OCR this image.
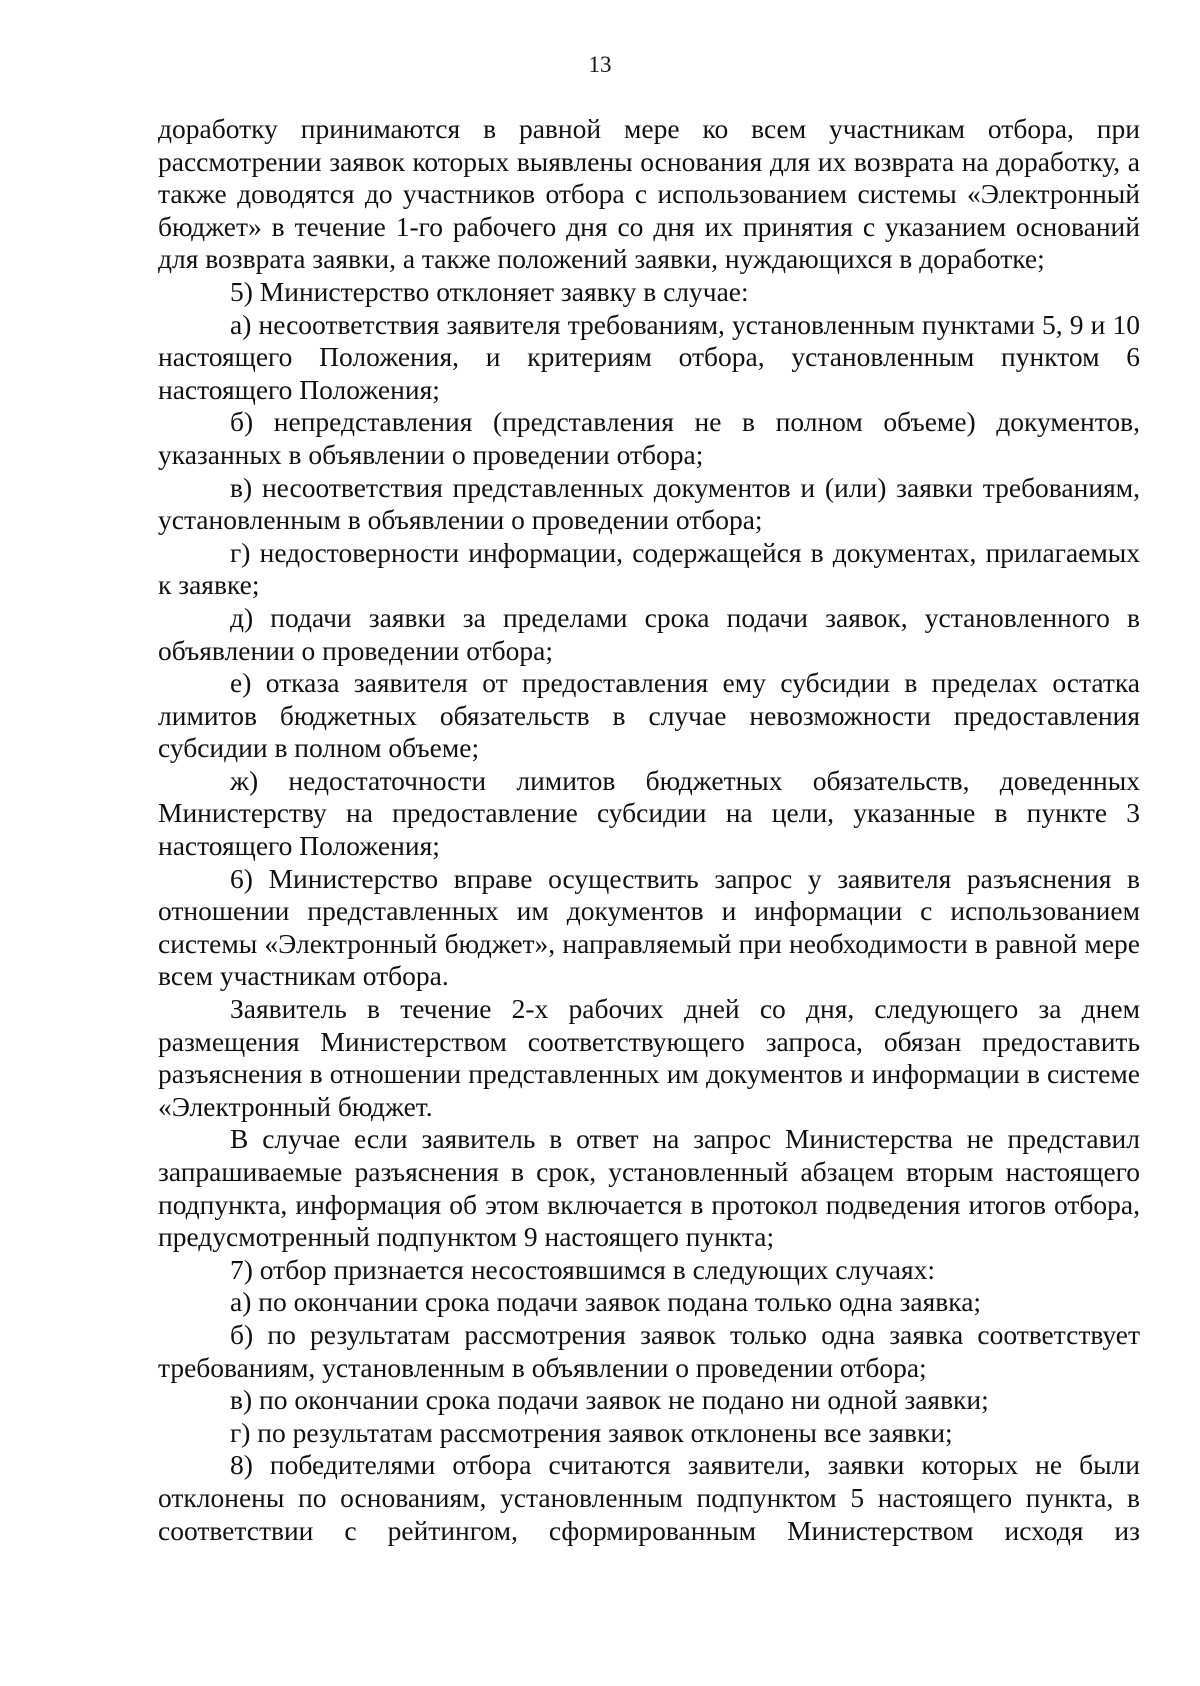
13

доработку принимаются в равной мере ко всем участникам отбора, при рассмотрении заявок которых выявлены основания для их возврата на доработку, а также доводятся до участников отбора с использованием системы «Электронный бюджет» в течение 1-го рабочего дня со дня их принятия с указанием оснований для возврата заявки, а также положений заявки, нуждающихся в доработке;

5) Министерство отклоняет заявку в случае:

а) несоответствия заявителя требованиям, установленным пунктами 5, 9 и 10 настоящего Положения, и критериям отбора, установленным пунктом 6 настоящего Положения;

б) непредставления (представления не в полном объеме) документов, указанных в объявлении о проведении отбора;

в) несоответствия представленных документов и (или) заявки требованиям, установленным в объявлении о проведении отбора;

г) недостоверности информации, содержащейся в документах, прилагаемых к заявке;

д) подачи заявки за пределами срока подачи заявок, установленного в объявлении о проведении отбора;

е) отказа заявителя от предоставления ему субсидии в пределах остатка лимитов бюджетных обязательств в случае невозможности предоставления субсидии в полном объеме;

ж) недостаточности лимитов бюджетных обязательств, доведенных Министерству на предоставление субсидии на цели, указанные в пункте 3 настоящего Положения;

6) Министерство вправе осуществить запрос у заявителя разъяснения в отношении представленных им документов и информации с использованием системы «Электронный бюджет», направляемый при необходимости в равной мере всем участникам отбора.

Заявитель в течение 2-х рабочих дней со дня, следующего за днем размещения Министерством соответствующего запроса, обязан предоставить разъяснения в отношении представленных им документов и информации в системе «Электронный бюджет.

В случае если заявитель в ответ на запрос Министерства не представил запрашиваемые разъяснения в срок, установленный абзацем вторым настоящего подпункта, информация об этом включается в протокол подведения итогов отбора, предусмотренный подпунктом 9 настоящего пункта;

7) отбор признается несостоявшимся в следующих случаях:

а) по окончании срока подачи заявок подана только одна заявка;

б) по результатам рассмотрения заявок только одна заявка соответствует требованиям, установленным в объявлении о проведении отбора;

в) по окончании срока подачи заявок не подано ни одной заявки;

г) по результатам рассмотрения заявок отклонены все заявки;

8) победителями отбора считаются заявители, заявки которых не были отклонены по основаниям, установленным подпунктом 5 настоящего пункта, в соответствии с рейтингом, сформированным Министерством исходя из
